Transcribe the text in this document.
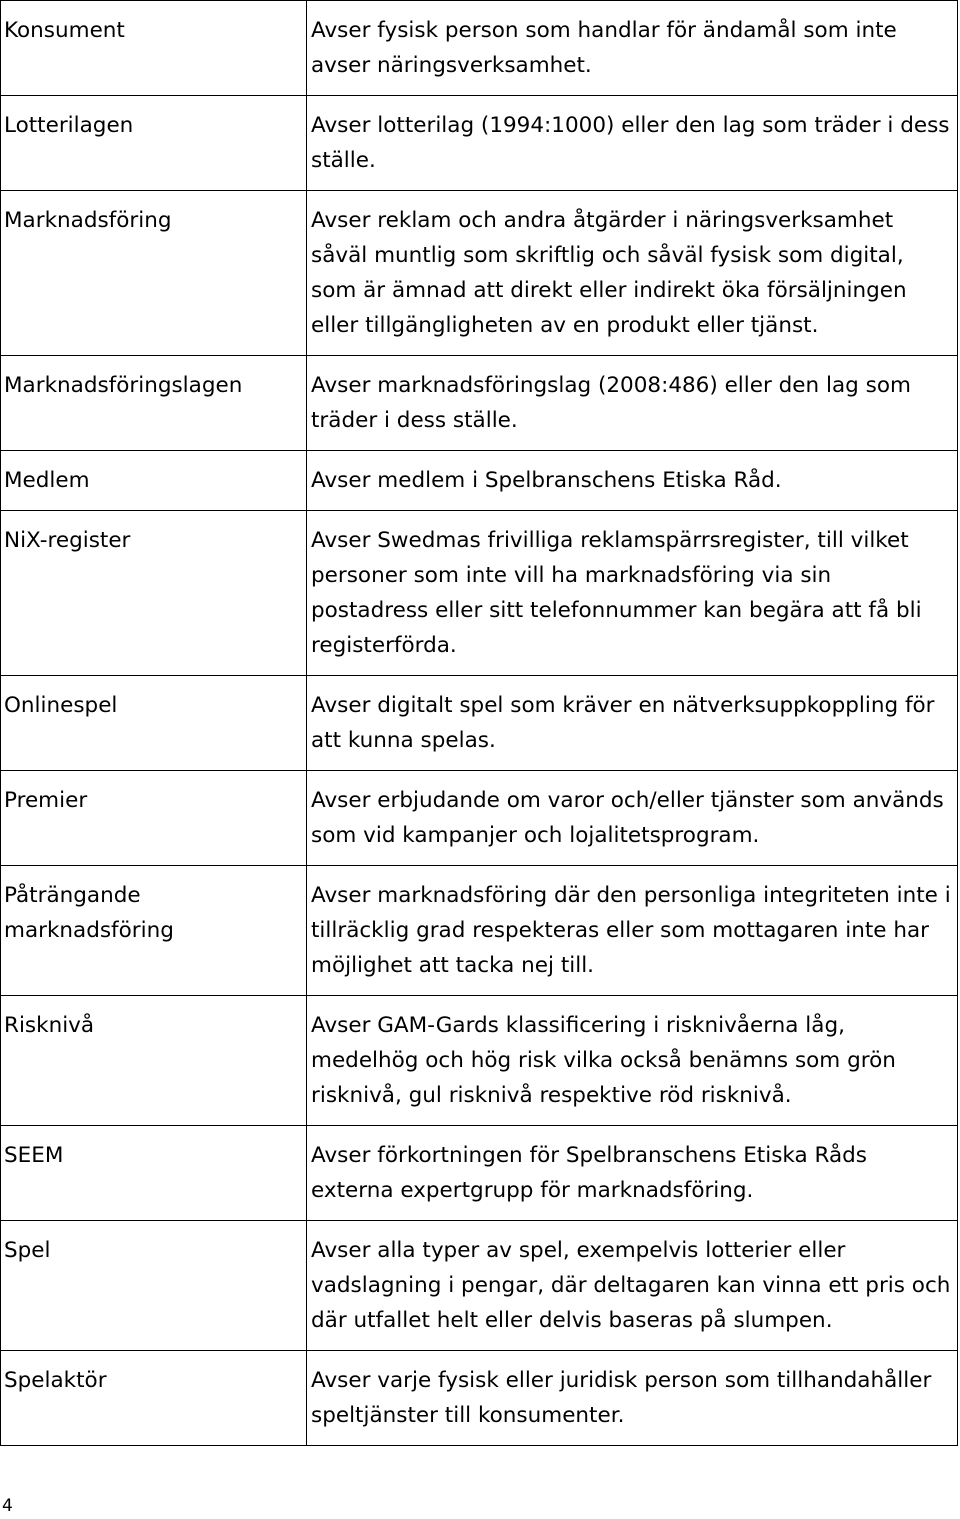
Konsument	Avser fysisk person som handlar för ändamål som inte avser näringsverksamhet.
Lotterilagen	Avser lotterilag (1994:1000) eller den lag som träder i dess ställe.
Marknadsföring	Avser reklam och andra åtgärder i näringsverksamhet såväl muntlig som skriftlig och såväl fysisk som digital, som är ämnad att direkt eller indirekt öka försäljningen eller tillgängligheten av en produkt eller tjänst.
Marknadsföringslagen	Avser marknadsföringslag (2008:486) eller den lag som träder i dess ställe.
Medlem	Avser medlem i Spelbranschens Etiska Råd.
NiX-register	Avser Swedmas frivilliga reklamspärrsregister, till vilket personer som inte vill ha marknadsföring via sin postadress eller sitt telefonnummer kan begära att få bli registerförda.
Onlinespel	Avser digitalt spel som kräver en nätverksuppkoppling för att kunna spelas.
Premier	Avser erbjudande om varor och/eller tjänster som används som vid kampanjer och lojalitetsprogram.
Påträngande marknadsföring	Avser marknadsföring där den personliga integriteten inte i tillräcklig grad respekteras eller som mottagaren inte har möjlighet att tacka nej till.
Risknivå	Avser GAM-Gards klassificering i risknivåerna låg, medelhög och hög risk vilka också benämns som grön risknivå, gul risknivå respektive röd risknivå.
SEEM	Avser förkortningen för Spelbranschens Etiska Råds externa expertgrupp för marknadsföring.
Spel	Avser alla typer av spel, exempelvis lotterier eller vadslagning i pengar, där deltagaren kan vinna ett pris och där utfallet helt eller delvis baseras på slumpen.
Spelaktör	Avser varje fysisk eller juridisk person som tillhandahåller speltjänster till konsumenter.
4
